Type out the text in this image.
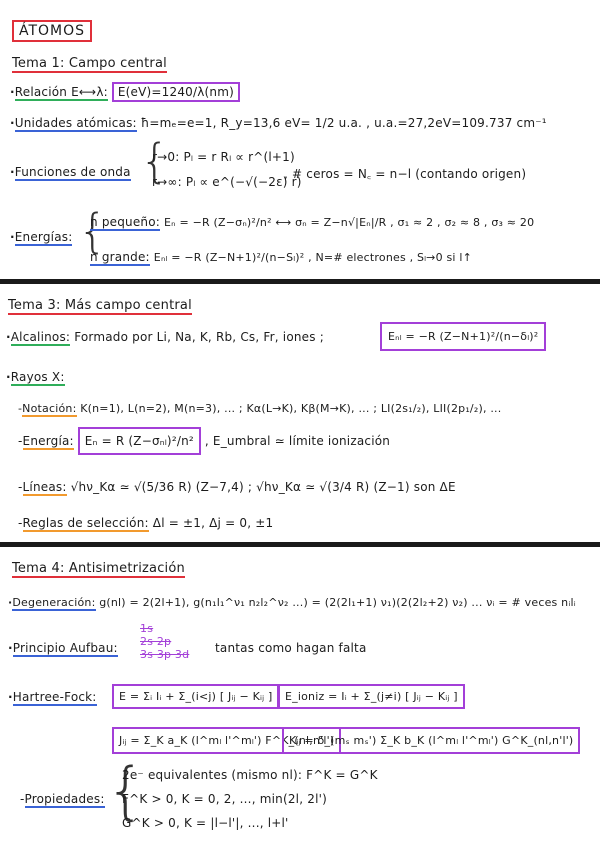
ÁTOMOS
Tema 1: Campo central
·Relación E⟷λ: E(eV)=1240/λ(nm)
·Unidades atómicas: ħ=mₑ=e=1, R_y=13,6 eV= 1/2 u.a. , u.a.=27,2eV=109.737 cm⁻¹
·Funciones de onda {
r→0: Pₗ = r Rₗ ∝ r^(l+1)
r→∞: Pₗ ∝ e^(−√(−2ε) r)
, # ceros = N꜀ = n−l (contando origen)
·Energías: {
n pequeño: Eₙ = −R (Z−σₙ)²/n² ⟷ σₙ = Z−n√|Eₙ|/R , σ₁ ≈ 2 , σ₂ ≈ 8 , σ₃ ≈ 20
n grande: Eₙₗ = −R (Z−N+1)²/(n−Sₗ)² , N=# electrones , Sₗ→0 si l↑
Tema 3: Más campo central
·Alcalinos: Formado por Li, Na, K, Rb, Cs, Fr, iones ;	Eₙₗ = −R (Z−N+1)²/(n−δₗ)²
·Rayos X:
-Notación: K(n=1), L(n=2), M(n=3), ... ; Kα(L→K), Kβ(M→K), ... ; LI(2s₁/₂), LII(2p₁/₂), ...
-Energía: Eₙ = R (Z−σₙₗ)²/n² , E_umbral ≃ límite ionización
-Líneas: √hν_Kα ≃ √(5/36 R) (Z−7,4) ; √hν_Kα ≃ √(3/4 R) (Z−1) son ΔE
-Reglas de selección: Δl = ±1, Δj = 0, ±1
Tema 4: Antisimetrización
·Degeneración: g(nl) = 2(2l+1), g(n₁l₁^ν₁ n₂l₂^ν₂ ...) = (2(2l₁+1) ν₁)(2(2l₂+2) ν₂) ... νᵢ = # veces nᵢlᵢ
·Principio Aufbau:
1s
2s 2p
3s 3p 3d tantas como hagan falta
·Hartree-Fock:	E = Σᵢ Iᵢ + Σ_(i<j) [ Jᵢⱼ − Kᵢⱼ ]	E_ioniz = Iᵢ + Σ_(j≠i) [ Jᵢⱼ − Kᵢⱼ ]
Jᵢⱼ = Σ_K a_K (l^mₗ l'^mₗ') F^K_(nl,n'l')
Kᵢⱼ = δ_(mₛ mₛ') Σ_K b_K (l^mₗ l'^mₗ') G^K_(nl,n'l')
-Propiedades: {
2e⁻ equivalentes (mismo nl): F^K = G^K
F^K > 0, K = 0, 2, ..., min(2l, 2l')
G^K > 0, K = |l−l'|, ..., l+l'
